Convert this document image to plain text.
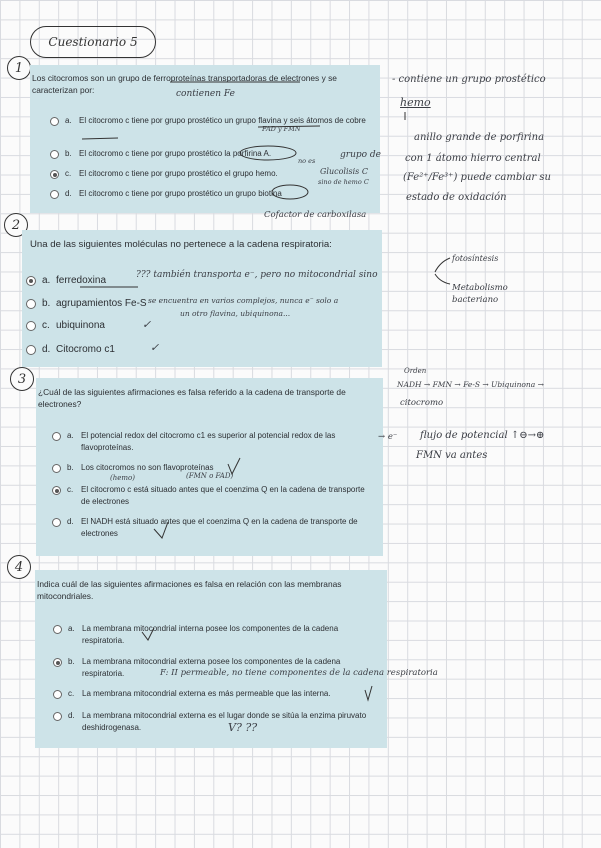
Cuestionario 5
1
Los citocromos son un grupo de ferroproteínas transportadoras de electrones y se caracterizan por:
a. El citocromo c tiene por grupo prostético un grupo flavina y seis átomos de cobre
b. El citocromo c tiene por grupo prostético la porfirina A.
c. El citocromo c tiene por grupo prostético el grupo hemo.
d. El citocromo c tiene por grupo prostético un grupo biotina
contienen Fe
FAD y FMN
no es
grupo de
Glucolisis C
sino de hemo C
Cofactor de carboxilasa
- contiene un grupo prostético
hemo
anillo grande de porfirina
con 1 átomo hierro central
(Fe²⁺/Fe³⁺) puede cambiar su
estado de oxidación
2
Una de las siguientes moléculas no pertenece a la cadena respiratoria:
a. ferredoxina
b. agrupamientos Fe-S
c. ubiquinona
d. Citocromo c1
??? también transporta e⁻, pero no mitocondrial sino
se encuentra en varios complejos, nunca e⁻ solo a
un otro flavina, ubiquinona...
✓
✓
fotosíntesis
Metabolismo bacteriano
3
¿Cuál de las siguientes afirmaciones es falsa referido a la cadena de transporte de electrones?
a. El potencial redox del citocromo c1 es superior al potencial redox de las flavoproteínas.
b. Los citocromos no son flavoproteínas
c. El citocromo c está situado antes que el coenzima Q en la cadena de transporte de electrones
d. El NADH está situado antes que el coenzima Q en la cadena de transporte de electrones
(hemo)	(FMN o FAD)
Orden
NADH → FMN → Fe-S → Ubiquinona →
citocromo
→ e⁻ flujo de potencial ↑⊖→⊕
FMN va antes
4
Indica cuál de las siguientes afirmaciones es falsa en relación con las membranas mitocondriales.
a. La membrana mitocondrial interna posee los componentes de la cadena respiratoria.
b. La membrana mitocondrial externa posee los componentes de la cadena respiratoria.
c. La membrana mitocondrial externa es más permeable que las interna.
d. La membrana mitocondrial externa es el lugar donde se sitúa la enzima piruvato deshidrogenasa.
F: II permeable, no tiene componentes de la cadena respiratoria
V? ??
